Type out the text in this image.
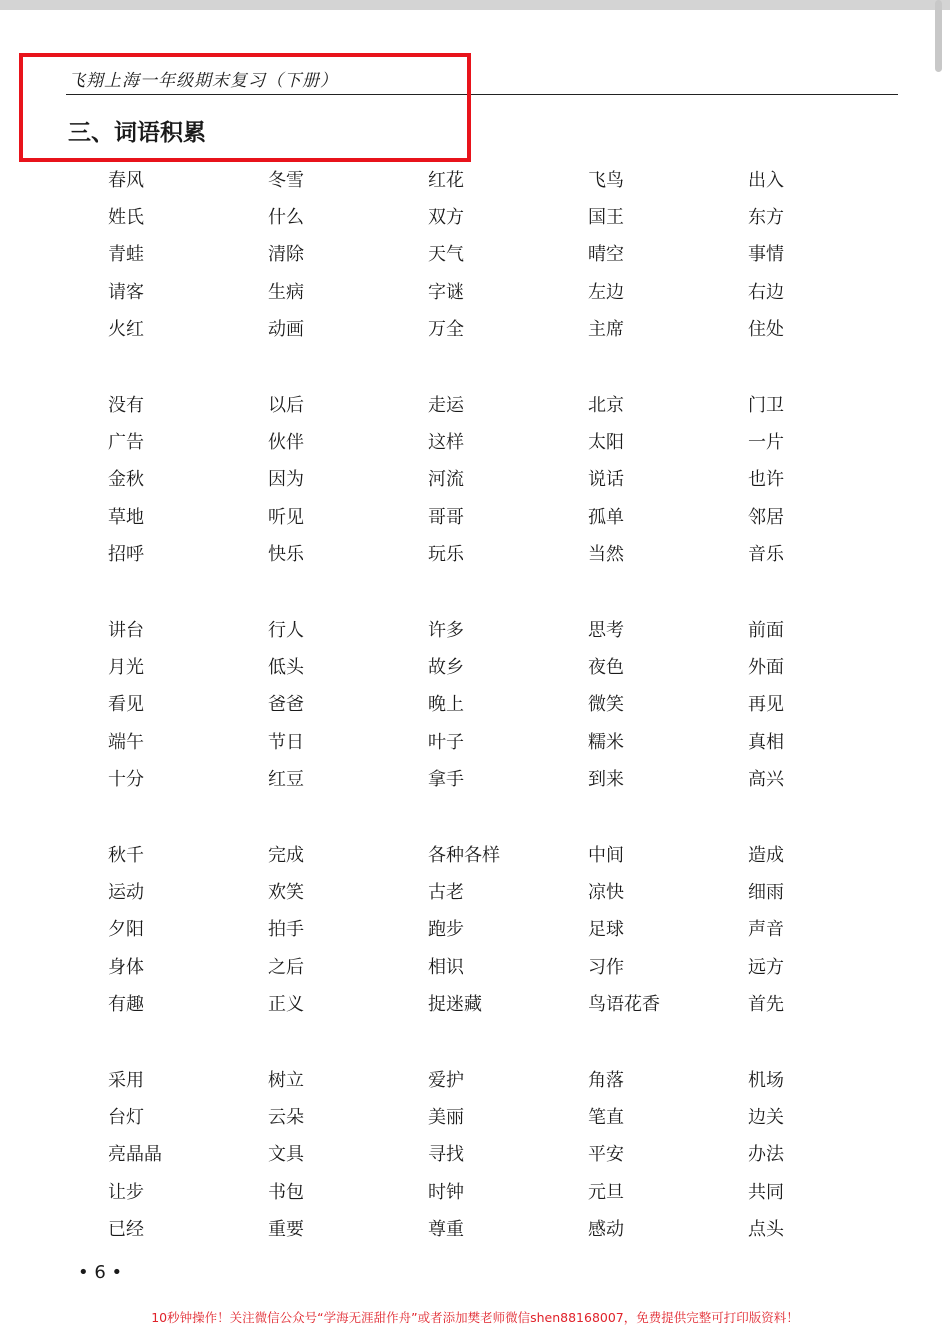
飞翔上海一年级期末复习（下册）
三、词语积累
春风	冬雪	红花	飞鸟	出入
姓氏	什么	双方	国王	东方
青蛙	清除	天气	晴空	事情
请客	生病	字谜	左边	右边
火红	动画	万全	主席	住处
没有	以后	走运	北京	门卫
广告	伙伴	这样	太阳	一片
金秋	因为	河流	说话	也许
草地	听见	哥哥	孤单	邻居
招呼	快乐	玩乐	当然	音乐
讲台	行人	许多	思考	前面
月光	低头	故乡	夜色	外面
看见	爸爸	晚上	微笑	再见
端午	节日	叶子	糯米	真相
十分	红豆	拿手	到来	高兴
秋千	完成	各种各样	中间	造成
运动	欢笑	古老	凉快	细雨
夕阳	拍手	跑步	足球	声音
身体	之后	相识	习作	远方
有趣	正义	捉迷藏	鸟语花香	首先
采用	树立	爱护	角落	机场
台灯	云朵	美丽	笔直	边关
亮晶晶	文具	寻找	平安	办法
让步	书包	时钟	元旦	共同
已经	重要	尊重	感动	点头
• 6 •
10秒钟操作！关注微信公众号“学海无涯甜作舟”或者添加樊老师微信shen88168007，免费提供完整可打印版资料！
